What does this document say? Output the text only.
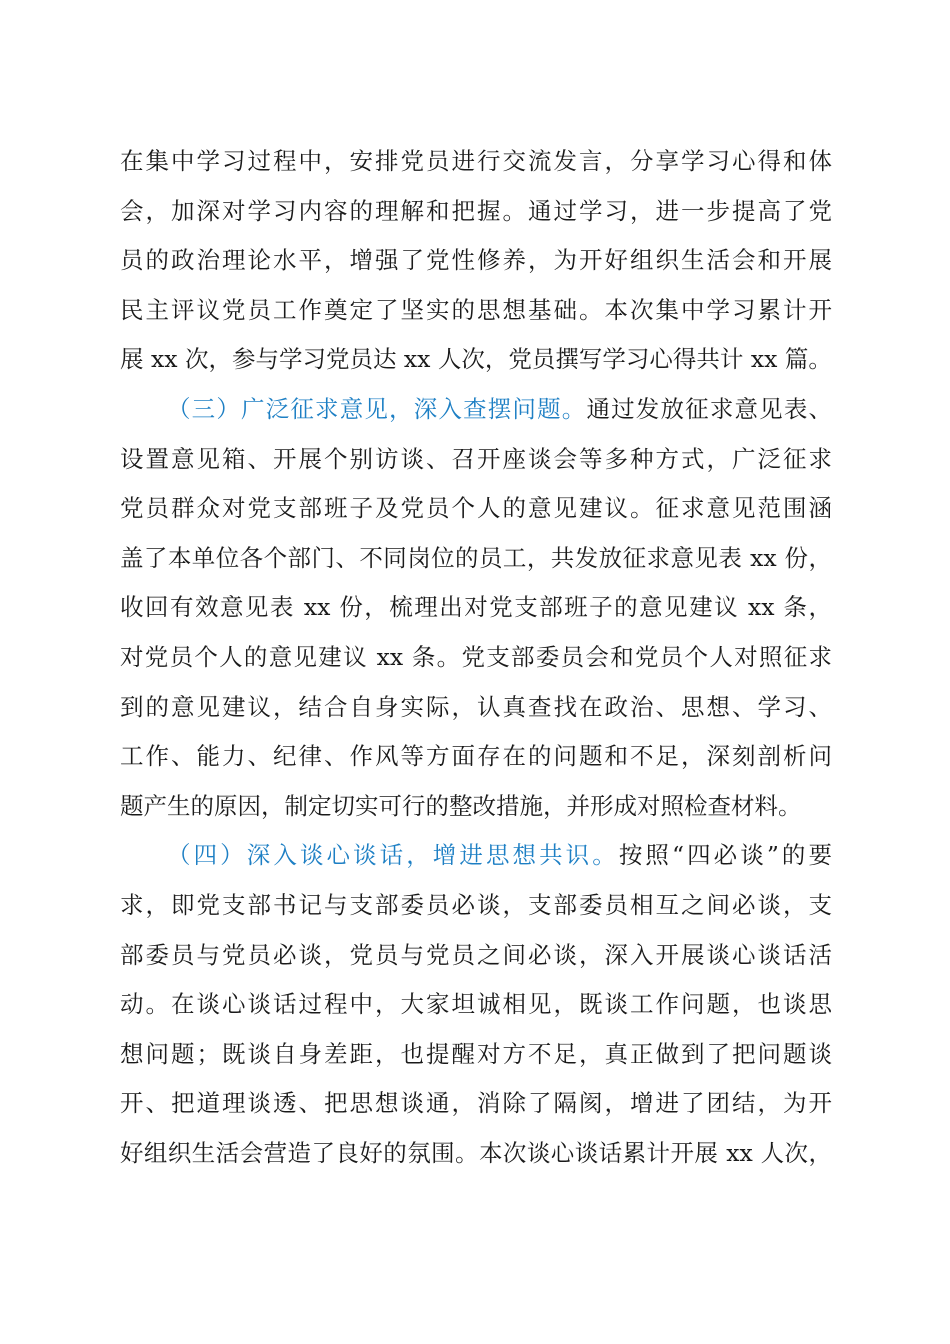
在集中学习过程中，安排党员进行交流发言，分享学习心得和体
会，加深对学习内容的理解和把握。通过学习，进一步提高了党
员的政治理论水平，增强了党性修养，为开好组织生活会和开展
民主评议党员工作奠定了坚实的思想基础。本次集中学习累计开
展 xx 次，参与学习党员达 xx 人次，党员撰写学习心得共计 xx 篇。
（三）广泛征求意见，深入查摆问题。通过发放征求意见表、
设置意见箱、开展个别访谈、召开座谈会等多种方式，广泛征求
党员群众对党支部班子及党员个人的意见建议。征求意见范围涵
盖了本单位各个部门、不同岗位的员工，共发放征求意见表 xx 份，
收回有效意见表 xx 份，梳理出对党支部班子的意见建议 xx 条，
对党员个人的意见建议 xx 条。党支部委员会和党员个人对照征求
到的意见建议，结合自身实际，认真查找在政治、思想、学习、
工作、能力、纪律、作风等方面存在的问题和不足，深刻剖析问
题产生的原因，制定切实可行的整改措施，并形成对照检查材料。
（四）深入谈心谈话，增进思想共识。按照“四必谈”的要
求，即党支部书记与支部委员必谈，支部委员相互之间必谈，支
部委员与党员必谈，党员与党员之间必谈，深入开展谈心谈话活
动。在谈心谈话过程中，大家坦诚相见，既谈工作问题，也谈思
想问题；既谈自身差距，也提醒对方不足，真正做到了把问题谈
开、把道理谈透、把思想谈通，消除了隔阂，增进了团结，为开
好组织生活会营造了良好的氛围。本次谈心谈话累计开展 xx 人次，
